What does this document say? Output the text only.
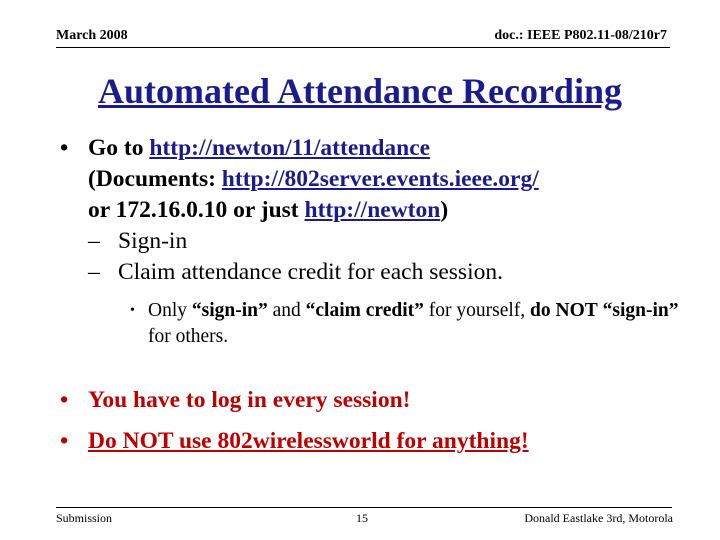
March 2008	doc.: IEEE P802.11-08/210r7
Automated Attendance Recording
• Go to http://newton/11/attendance
(Documents: http://802server.events.ieee.org/
or 172.16.0.10 or just http://newton)
– Sign-in
– Claim attendance credit for each session.
• Only “sign-in” and “claim credit” for yourself, do NOT “sign-in” for others.
• You have to log in every session!
• Do NOT use 802wirelessworld for anything!
Submission	15	Donald Eastlake 3rd, Motorola
